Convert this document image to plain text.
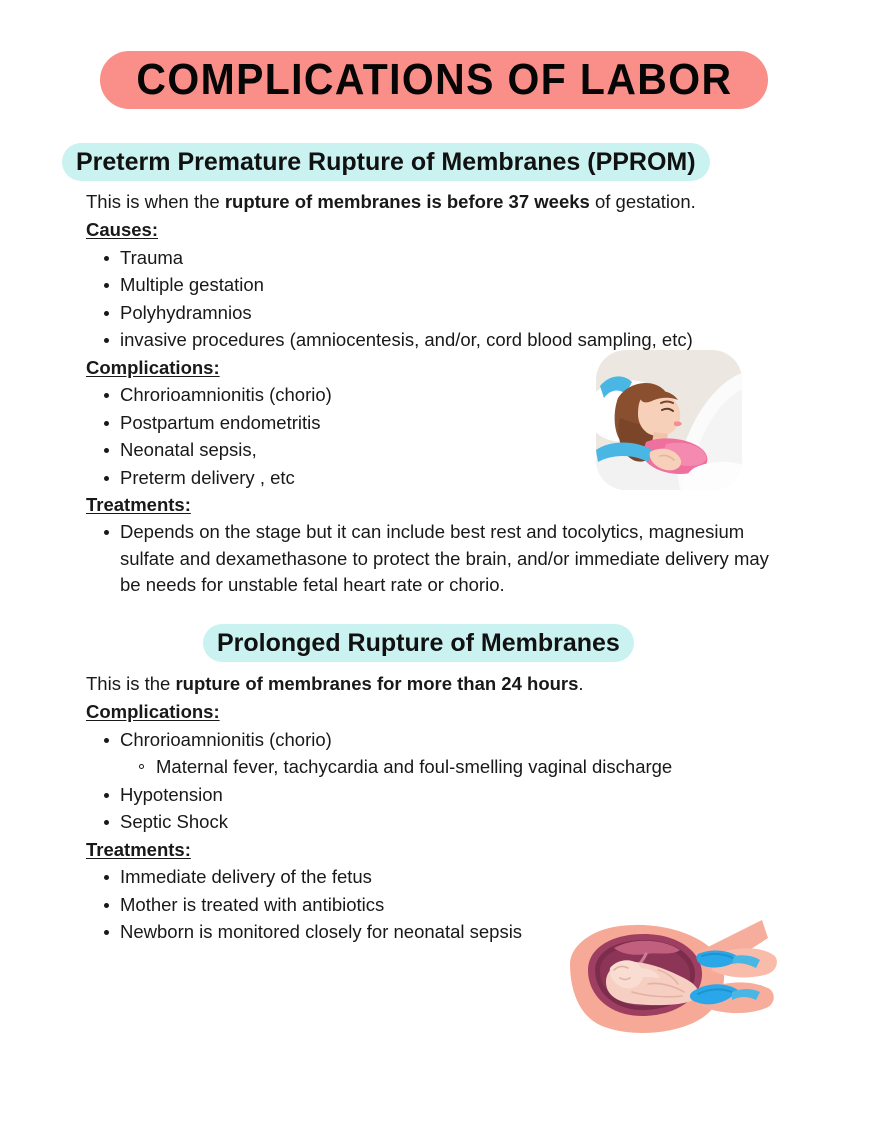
COMPLICATIONS OF LABOR
Preterm Premature Rupture of Membranes (PPROM)

This is when the rupture of membranes is before 37 weeks of gestation.

Causes:

Trauma
Multiple gestation
Polyhydramnios
invasive procedures (amniocentesis, and/or, cord blood sampling, etc)

Complications:

Chrorioamnionitis (chorio)
Postpartum endometritis
Neonatal sepsis,
Preterm delivery , etc

Treatments:

Depends on the stage but it can include best rest and tocolytics, magnesium sulfate and dexamethasone to protect the brain, and/or immediate delivery may be needs for unstable fetal heart rate or chorio.
Prolonged Rupture of Membranes

This is the rupture of membranes for more than 24 hours.

Complications:

Chrorioamnionitis (chorio)
Maternal fever, tachycardia and foul-smelling vaginal discharge
Hypotension
Septic Shock

Treatments:

Immediate delivery of the fetus
Mother is treated with antibiotics
Newborn is monitored closely for neonatal sepsis
